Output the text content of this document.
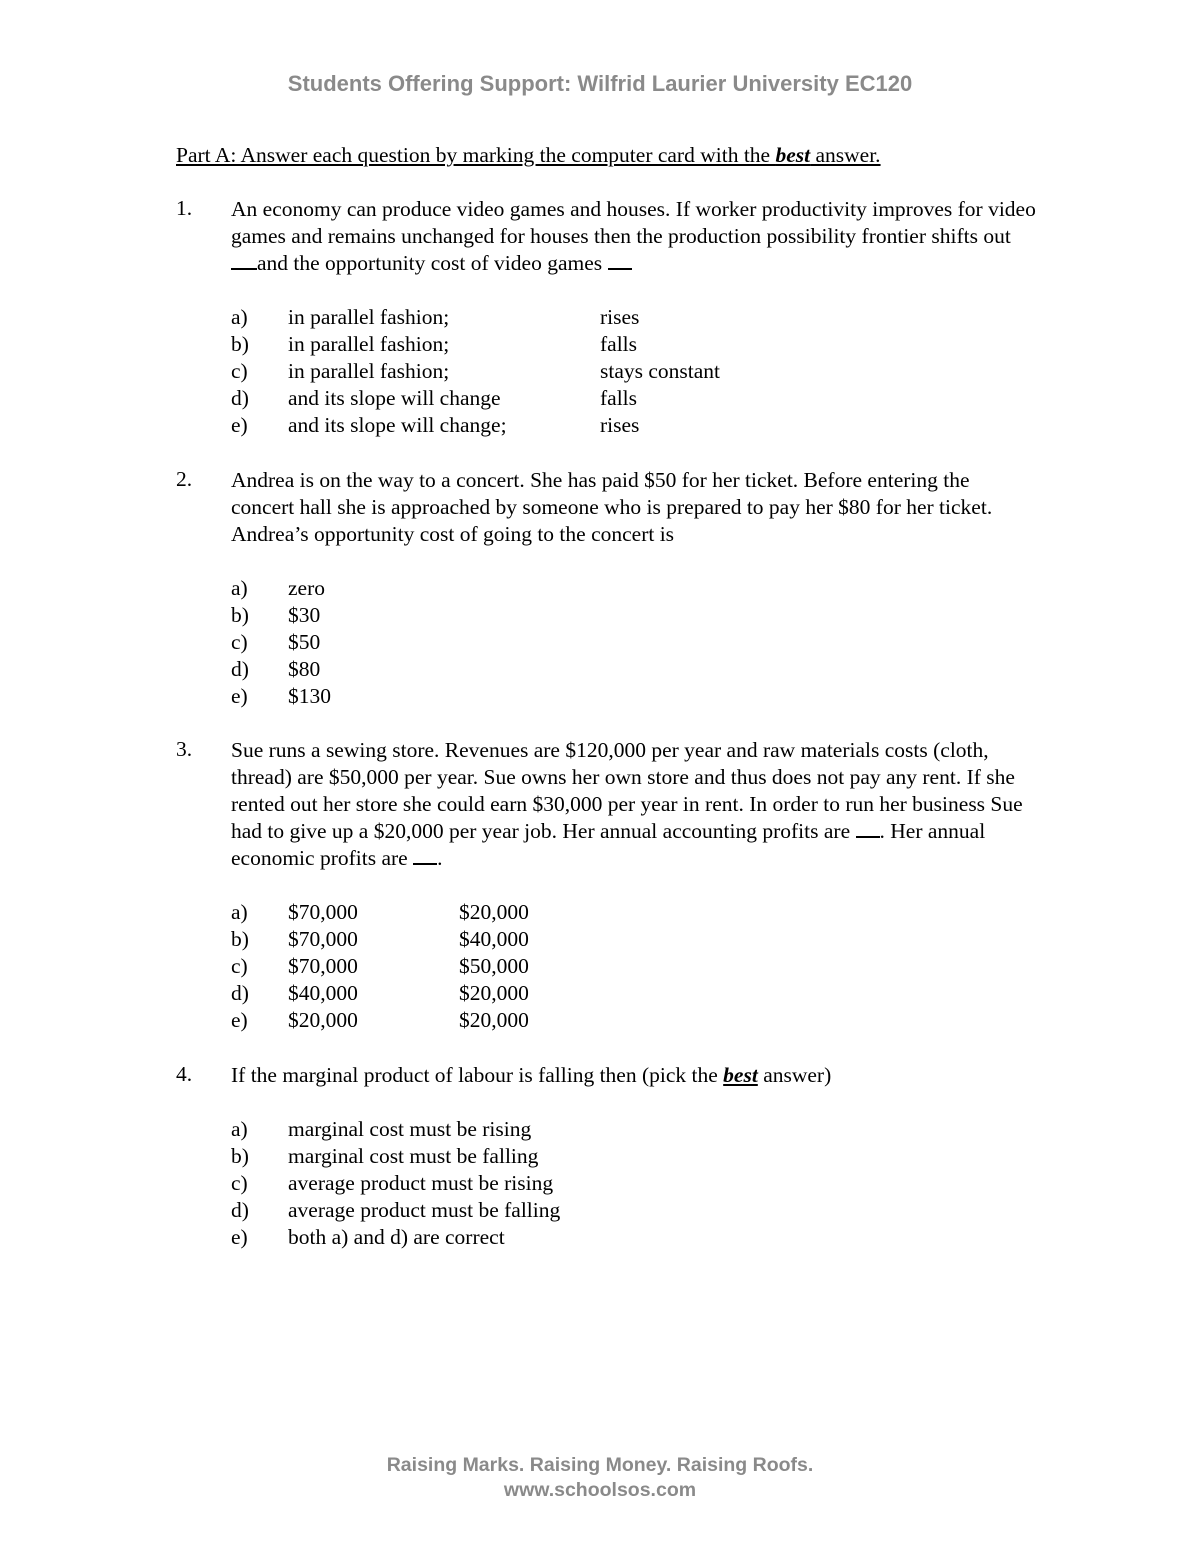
Students Offering Support: Wilfrid Laurier University EC120
Part A: Answer each question by marking the computer card with the best answer.
1. An economy can produce video games and houses. If worker productivity improves for video games and remains unchanged for houses then the production possibility frontier shifts outand the opportunity cost of video games
a) in parallel fashion;	rises
b) in parallel fashion;	falls
c) in parallel fashion;	stays constant
d) and its slope will change	falls
e) and its slope will change;	rises
2. Andrea is on the way to a concert. She has paid $50 for her ticket. Before entering the concert hall she is approached by someone who is prepared to pay her $80 for her ticket. Andrea’s opportunity cost of going to the concert is
a) zero
b) $30
c) $50
d) $80
e) $130
3. Sue runs a sewing store. Revenues are $120,000 per year and raw materials costs (cloth, thread) are $50,000 per year. Sue owns her own store and thus does not pay any rent. If she rented out her store she could earn $30,000 per year in rent. In order to run her business Sue had to give up a $20,000 per year job. Her annual accounting profits are . Her annual economic profits are .
a) $70,000	$20,000
b) $70,000	$40,000
c) $70,000	$50,000
d) $40,000	$20,000
e) $20,000	$20,000
4. If the marginal product of labour is falling then (pick the best answer)
a) marginal cost must be rising
b) marginal cost must be falling
c) average product must be rising
d) average product must be falling
e) both a) and d) are correct
Raising Marks. Raising Money. Raising Roofs.
www.schoolsos.com
